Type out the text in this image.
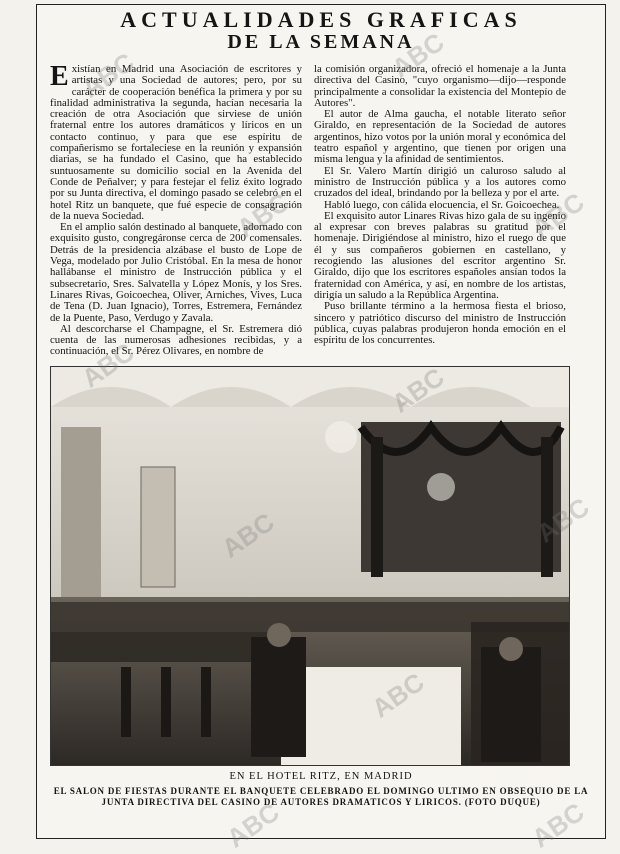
ACTUALIDADES GRAFICAS
DE LA SEMANA

Existían en Madrid una Asociación de escritores y artistas y una Sociedad de autores; pero, por su carácter de cooperación benéfica la primera y por su finalidad administrativa la segunda, hacían necesaria la creación de otra Asociación que sirviese de unión fraternal entre los autores dramáticos y líricos en un contacto continuo, y para que ese espíritu de compañerismo se fortaleciese en la reunión y expansión diarias, se ha fundado el Casino, que ha establecido suntuosamente su domicilio social en la Avenida del Conde de Peñalver; y para festejar el feliz éxito logrado por su Junta directiva, el domingo pasado se celebró en el hotel Ritz un banquete, que fué especie de consagración de la nueva Sociedad.

En el amplio salón destinado al banquete, adornado con exquisito gusto, congregáronse cerca de 200 comensales. Detrás de la presidencia alzábase el busto de Lope de Vega, modelado por Julio Cristóbal. En la mesa de honor hallábanse el ministro de Instrucción pública y el subsecretario, Sres. Salvatella y López Monís, y los Sres. Linares Rivas, Goicoechea, Oliver, Arniches, Vives, Luca de Tena (D. Juan Ignacio), Torres, Estremera, Fernández de la Puente, Paso, Verdugo y Zavala.

Al descorcharse el Champagne, el Sr. Estremera dió cuenta de las numerosas adhesiones recibidas, y a continuación, el Sr. Pérez Olivares, en nombre de

la comisión organizadora, ofreció el homenaje a la Junta directiva del Casino, "cuyo organismo—dijo—responde principalmente a consolidar la existencia del Montepío de Autores".

El autor de Alma gaucha, el notable literato señor Giraldo, en representación de la Sociedad de autores argentinos, hizo votos por la unión moral y económica del teatro español y argentino, que tienen por origen una misma lengua y la afinidad de sentimientos.

El Sr. Valero Martín dirigió un caluroso saludo al ministro de Instrucción pública y a los autores como cruzados del ideal, brindando por la belleza y por el arte.

Habló luego, con cálida elocuencia, el Sr. Goicoechea.

El exquisito autor Linares Rivas hizo gala de su ingenio al expresar con breves palabras su gratitud por el homenaje. Dirigiéndose al ministro, hizo el ruego de que él y sus compañeros gobiernen en castellano, y recogiendo las alusiones del escritor argentino Sr. Giraldo, dijo que los escritores españoles ansían todos la fraternidad con América, y así, en nombre de los artistas, dirigía un saludo a la República Argentina.

Puso brillante término a la hermosa fiesta el brioso, sincero y patriótico discurso del ministro de Instrucción pública, cuyas palabras produjeron honda emoción en el espíritu de los concurrentes.

EN EL HOTEL RITZ, EN MADRID
EL SALON DE FIESTAS DURANTE EL BANQUETE CELEBRADO EL DOMINGO ULTIMO EN OBSEQUIO DE LA JUNTA DIRECTIVA DEL CASINO DE AUTORES DRAMATICOS Y LIRICOS. (FOTO DUQUE)
ABC	ABC
ABC	ABC
ABC	ABC
ABC	ABC
ABC
ABC	ABC
